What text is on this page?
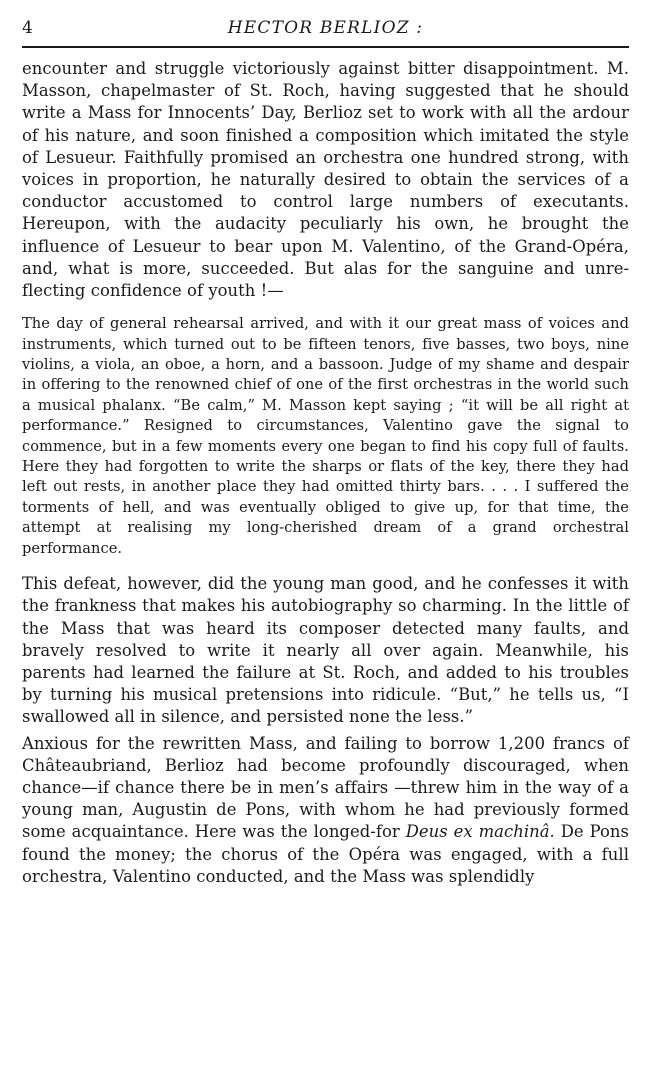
4	HECTOR BERLIOZ :

encounter and struggle victoriously against bitter disappointment. M. Masson, chapelmaster of St. Roch, having suggested that he should write a Mass for Innocents’ Day, Berlioz set to work with all the ardour of his nature, and soon finished a composition which imitated the style of Lesueur. Faithfully promised an orchestra one hundred strong, with voices in proportion, he naturally desired to obtain the services of a conductor accustomed to control large numbers of executants. Hereupon, with the audacity peculiarly his own, he brought the influence of Lesueur to bear upon M. Valentino, of the Grand-Opéra, and, what is more, succeeded. But alas for the sanguine and unreflecting confidence of youth !—

The day of general rehearsal arrived, and with it our great mass of voices and instruments, which turned out to be fifteen tenors, five basses, two boys, nine violins, a viola, an oboe, a horn, and a bassoon. Judge of my shame and despair in offering to the renowned chief of one of the first orchestras in the world such a musical phalanx. “Be calm,” M. Masson kept saying ; “it will be all right at performance.” Resigned to circumstances, Valentino gave the signal to commence, but in a few moments every one began to find his copy full of faults. Here they had forgotten to write the sharps or flats of the key, there they had left out rests, in another place they had omitted thirty bars. . . . I suffered the torments of hell, and was eventually obliged to give up, for that time, the attempt at realising my long-cherished dream of a grand orchestral performance.

This defeat, however, did the young man good, and he confesses it with the frankness that makes his autobiography so charming. In the little of the Mass that was heard its composer detected many faults, and bravely resolved to write it nearly all over again. Meanwhile, his parents had learned the failure at St. Roch, and added to his troubles by turning his musical pretensions into ridicule. “But,” he tells us, “I swallowed all in silence, and persisted none the less.”

Anxious for the rewritten Mass, and failing to borrow 1,200 francs of Châteaubriand, Berlioz had become profoundly discouraged, when chance—if chance there be in men’s affairs —threw him in the way of a young man, Augustin de Pons, with whom he had previously formed some acquaintance. Here was the longed-for Deus ex machinâ. De Pons found the money; the chorus of the Opéra was engaged, with a full orchestra, Valentino conducted, and the Mass was splendidly
